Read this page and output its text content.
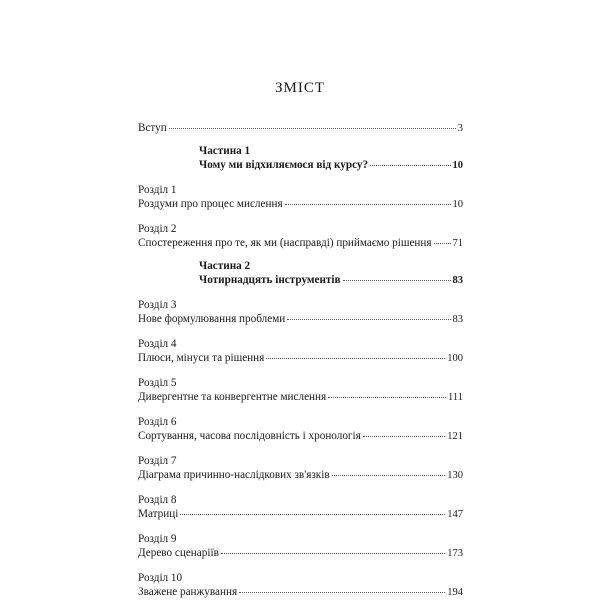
ЗМІСТ
Вступ	3
Частина 1
Чому ми відхиляємося від курсу?	10
Розділ 1
Роздуми про процес мислення	10
Розділ 2
Спостереження про те, як ми (насправді) приймаємо рішення 71
Частина 2
Чотирнадцять інструментів	83
Розділ 3
Нове формулювання проблеми	83
Розділ 4
Плюси, мінуси та рішення	100
Розділ 5
Дивергентне та конвергентне мислення	111
Розділ 6
Сортування, часова послідовність і хронологія	121
Розділ 7
Діаграма причинно-наслідкових зв'язків	130
Розділ 8
Матриці	147
Розділ 9
Дерево сценаріїв	173
Розділ 10
Зважене ранжування	194
